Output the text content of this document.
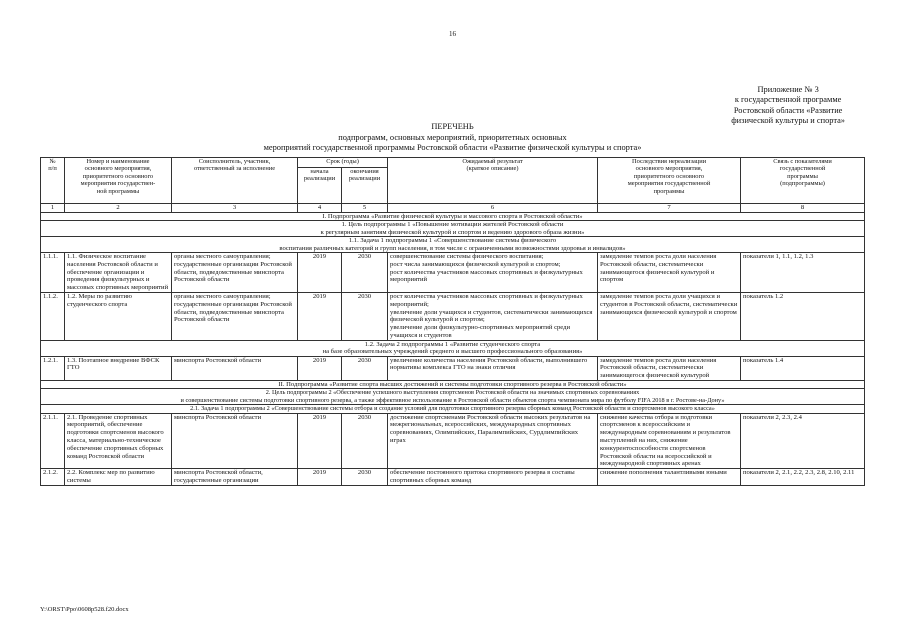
16
Приложение № 3
к государственной программе
Ростовской области «Развитие
физической культуры и спорта»
ПЕРЕЧЕНЬ
подпрограмм, основных мероприятий, приоритетных основных
мероприятий государственной программы Ростовской области «Развитие физической культуры и спорта»
№
п/п	Номер и наименование
основного мероприятия,
приоритетного основного
мероприятия государствен-
ной программы	Соисполнитель, участник,
ответственный за исполнение	Срок (годы)		Ожидаемый результат
(краткое описание)	Последствия нереализации
основного мероприятия,
приоритетного основного
мероприятия государственной
программы	Связь с показателями
государственной
программы
(подпрограммы)
			начала
реализации	окончания
реализации			
1	2	3	4	5	6	7	8
I. Подпрограмма «Развитие физической культуры и массового спорта в Ростовской области»							
1. Цель подпрограммы 1 «Повышение мотивации жителей Ростовской области
к регулярным занятиям физической культурой и спортом и ведению здорового образа жизни»							
1.1. Задача 1 подпрограммы 1 «Совершенствование системы физического
воспитания различных категорий и групп населения, в том числе с ограниченными возможностями здоровья и инвалидов»							
1.1.1.	1.1. Физическое воспитание населения Ростовской области и обеспечение организации и проведения физкультурных и массовых спортивных мероприятий	органы местного самоуправления; государственные организации Ростовской области, подведомственные минспорта Ростовской области	2019	2030	совершенствование системы физического воспитания;
рост числа занимающихся физической культурой и спортом;
рост количества участников массовых спортивных и физкультурных мероприятий	замедление темпов роста доли населения Ростовской области, систематически занимающегося физической культурой и спортом	показатели 1, 1.1, 1.2, 1.3
1.1.2.	1.2. Меры по развитию студенческого спорта	органы местного самоуправления; государственные организации Ростовской области, подведомственные минспорта Ростовской области	2019	2030	рост количества участников массовых спортивных и физкультурных мероприятий;
увеличение доли учащихся и студентов, систематически занимающихся физической культурой и спортом;
увеличение доли физкультурно-спортивных мероприятий среди учащихся и студентов	замедление темпов роста доли учащихся и студентов в Ростовской области, систематически занимающихся физической культурой и спортом	показатель 1.2
1.2. Задача 2 подпрограммы 1 «Развитие студенческого спорта
на базе образовательных учреждений среднего и высшего профессионального образования»							
1.2.1.	1.3. Поэтапное внедрение ВФСК ГТО	минспорта Ростовской области	2019	2030	увеличение количества населения Ростовской области, выполнившего нормативы комплекса ГТО на знаки отличия	замедление темпов роста доли населения Ростовской области, систематически занимающегося физической культурой	показатель 1.4
II. Подпрограмма «Развитие спорта высших достижений и системы подготовки спортивного резерва в Ростовской области»							
2. Цель подпрограммы 2 «Обеспечение успешного выступления спортсменов Ростовской области на значимых спортивных соревнованиях
и совершенствование системы подготовки спортивного резерва, а также эффективное использование в Ростовской области объектов спорта чемпионата мира по футболу FIFA 2018 в г. Ростове-на-Дону»							
2.1. Задача 1 подпрограммы 2 «Совершенствование системы отбора и создание условий для подготовки спортивного резерва сборных команд Ростовской области и спортсменов высокого класса»							
2.1.1.	2.1. Проведение спортивных мероприятий, обеспечение подготовки спортсменов высокого класса, материально-техническое обеспечение спортивных сборных команд Ростовской области	минспорта Ростовской области	2019	2030	достижение спортсменами Ростовской области высоких результатов на межрегиональных, всероссийских, международных спортивных соревнованиях, Олимпийских, Паралимпийских, Сурдлимпийских играх	снижение качества отбора и подготовки спортсменов к всероссийским и международным соревнованиям и результатов выступлений на них, снижение конкурентоспособности спортсменов Ростовской области на всероссийской и международной спортивных аренах	показатели 2, 2.3, 2.4
2.1.2.	2.2. Комплекс мер по развитию системы	минспорта Ростовской области, государственные организации	2019	2030	обеспечение постоянного притока спортивного резерва в составы спортивных сборных команд	снижение пополнения талантливыми юными	показатели 2, 2.1, 2.2, 2.3, 2.8, 2.10, 2.11
Y:\ORST\Ppo\0608p528.f20.docx
